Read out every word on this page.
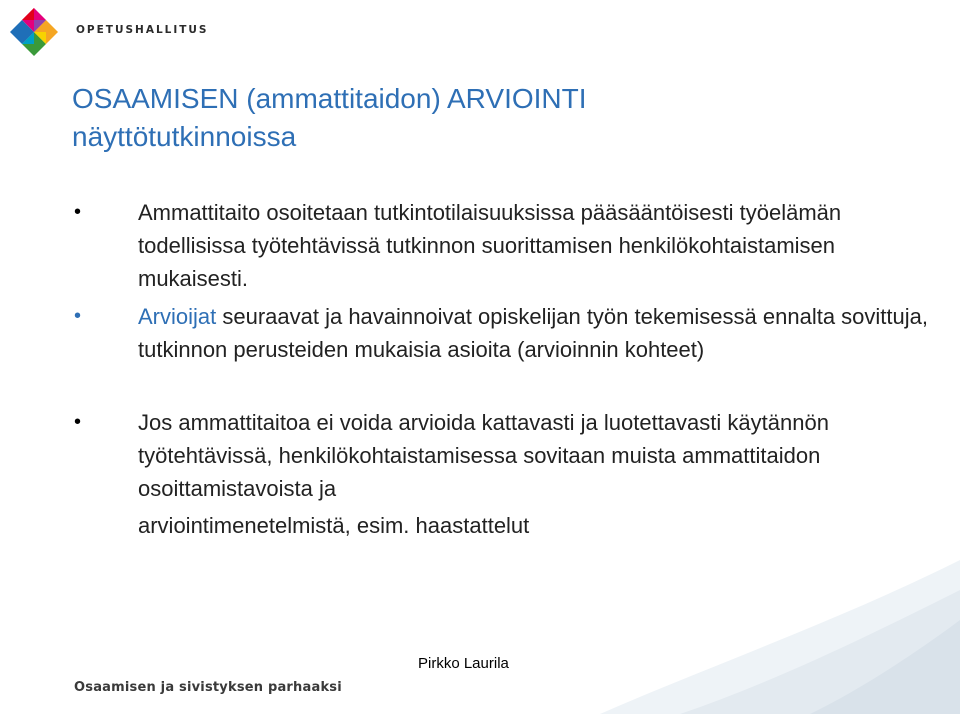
OPETUSHALLITUS
OSAAMISEN (ammattitaidon) ARVIOINTI
näyttötutkinnoissa
•	Ammattitaito osoitetaan tutkintotilaisuuksissa pääsääntöisesti työelämän todellisissa työtehtävissä tutkinnon suorittamisen henkilökohtaistamisen mukaisesti.
•	Arvioijat seuraavat ja havainnoivat opiskelijan työn tekemisessä ennalta sovittuja, tutkinnon perusteiden mukaisia asioita (arvioinnin kohteet)
•	Jos ammattitaitoa ei voida arvioida kattavasti ja luotettavasti käytännön työtehtävissä, henkilökohtaistamisessa sovitaan muista ammattitaidon osoittamistavoista ja
arviointimenetelmistä, esim. haastattelut
Pirkko Laurila
Osaamisen ja sivistyksen parhaaksi
